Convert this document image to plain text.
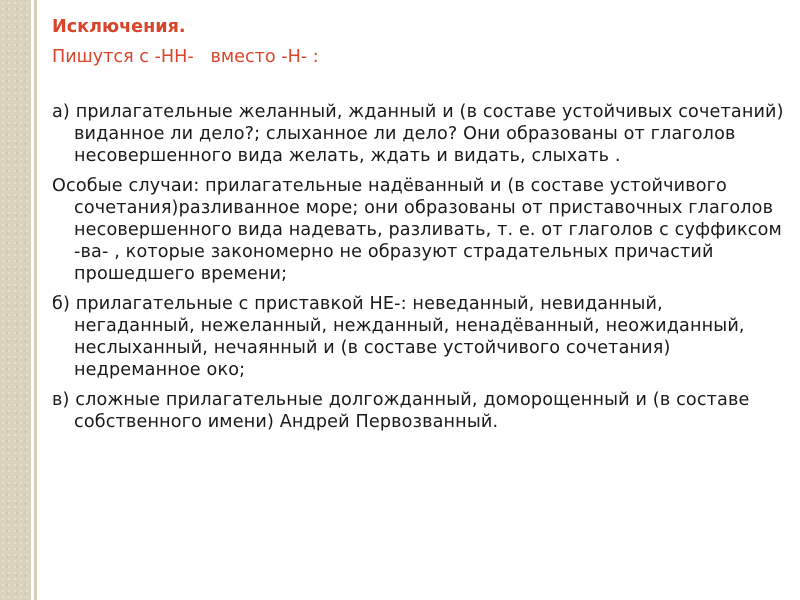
Исключения.
Пишутся с -НН-   вместо -Н- :

а) прилагательные желанный, жданный и (в составе устойчивых сочетаний) виданное ли дело?; слыханное ли дело? Они образованы от глаголов несовершенного вида желать, ждать и видать, слыхать .

Особые случаи: прилагательные надёванный и (в составе устойчивого сочетания)разливанное море; они образованы от приставочных глаголов несовершенного вида надевать, разливать, т. е. от глаголов с суффиксом -ва- , которые закономерно не образуют страдательных причастий прошедшего времени;

б) прилагательные с приставкой НЕ-: неведанный, невиданный, негаданный, нежеланный, нежданный, ненадёванный, неожиданный, неслыханный, нечаянный и (в составе устойчивого сочетания) недреманное око;

в) сложные прилагательные долгожданный, доморощенный и (в составе собственного имени) Андрей Первозванный.
